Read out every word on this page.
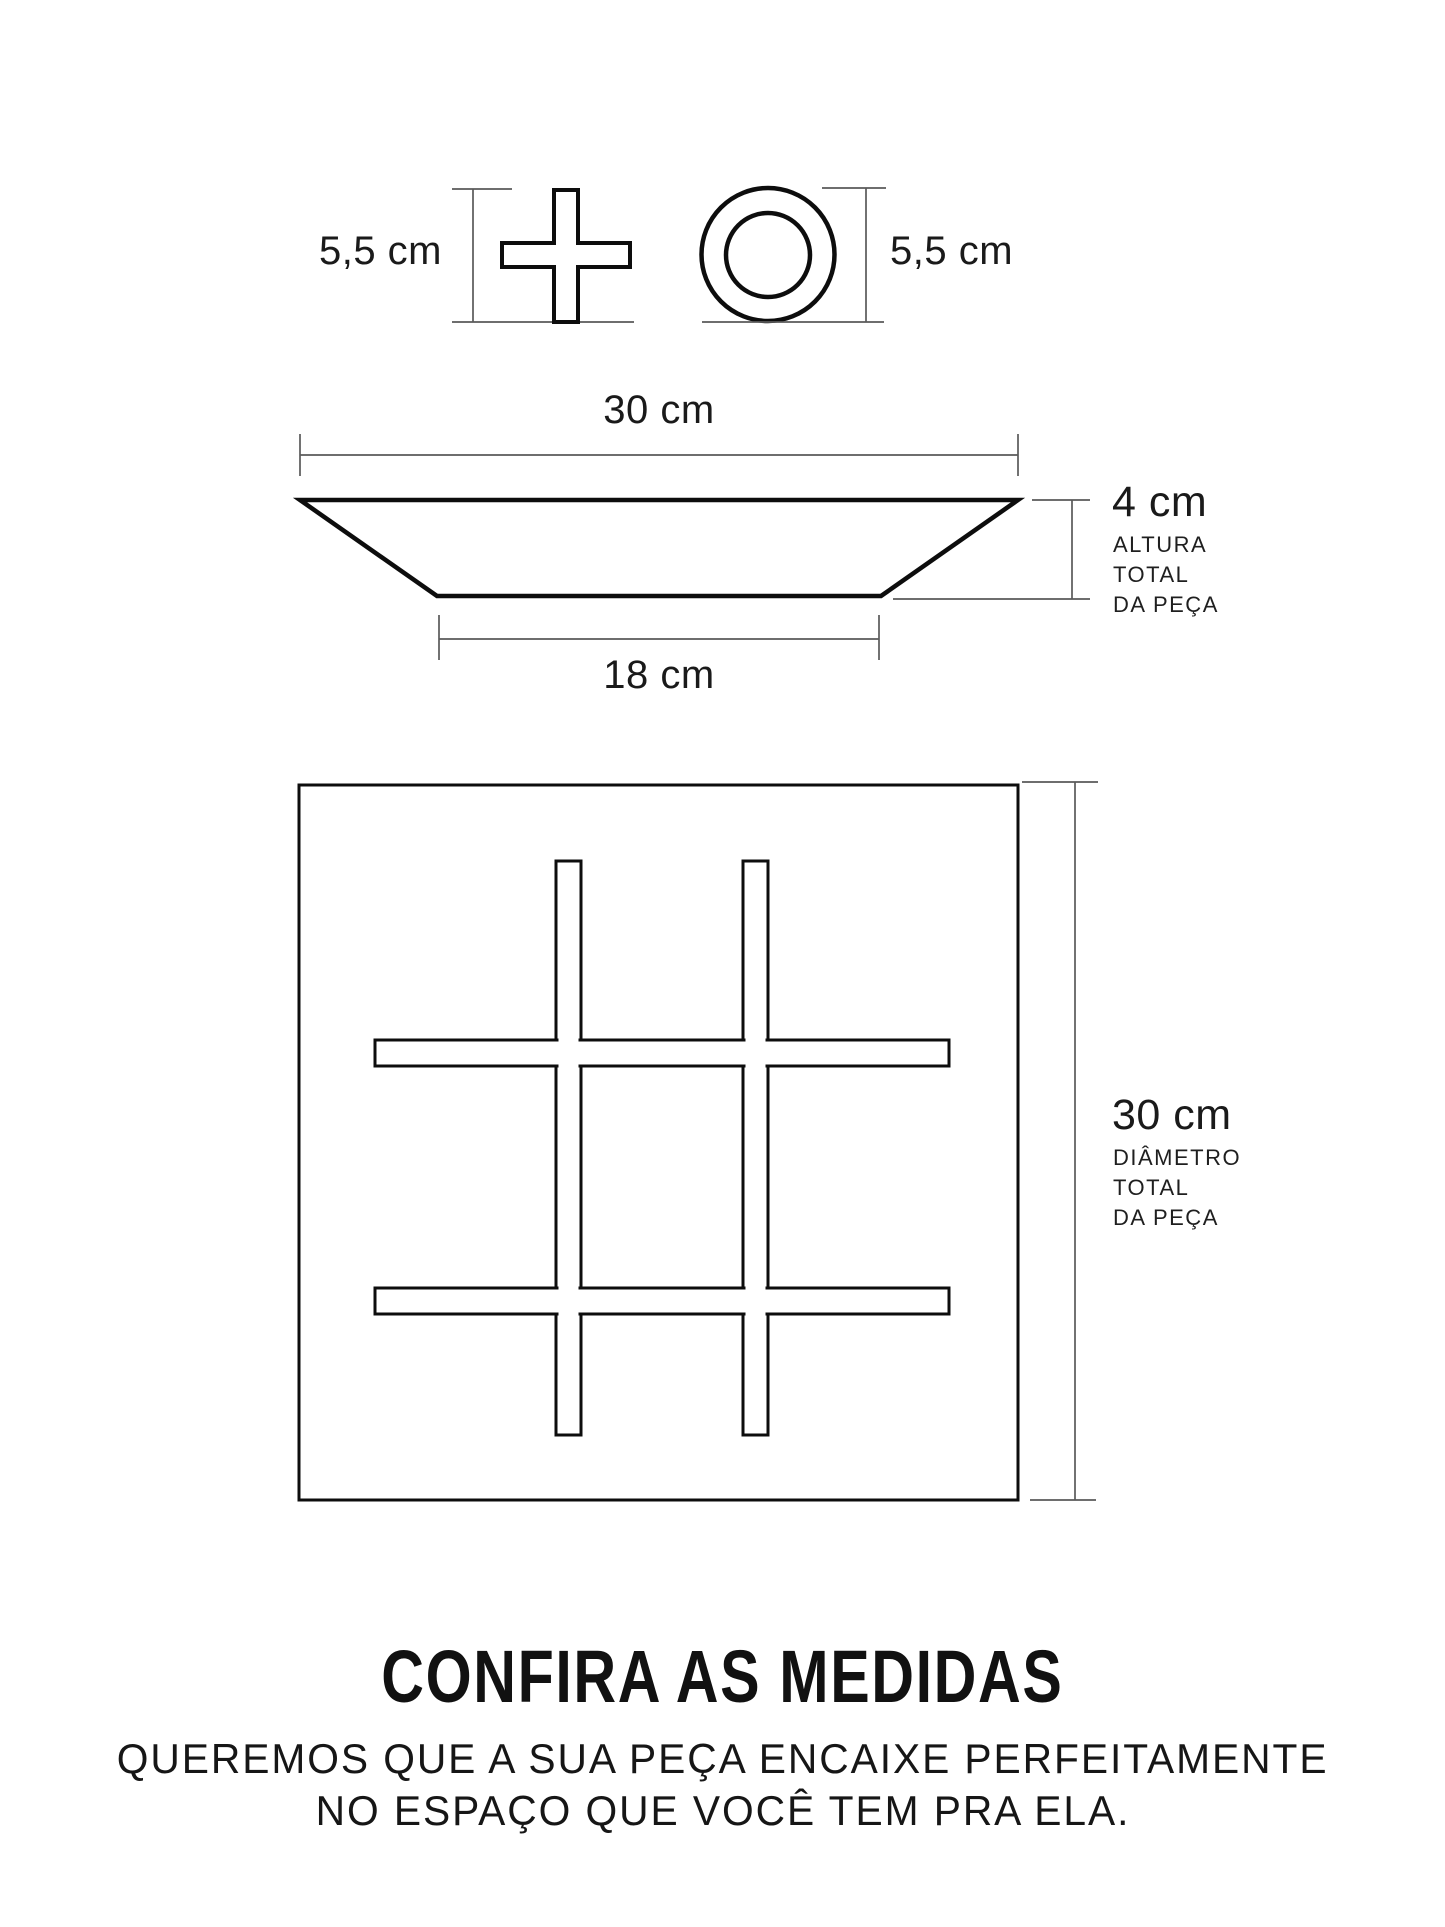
5,5 cm	5,5 cm
30 cm
4 cm
ALTURA
TOTAL
DA PEÇA
18 cm
30 cm
DIÂMETRO
TOTAL
DA PEÇA
CONFIRA AS MEDIDAS
QUEREMOS QUE A SUA PEÇA ENCAIXE PERFEITAMENTE
NO ESPAÇO QUE VOCÊ TEM PRA ELA.
